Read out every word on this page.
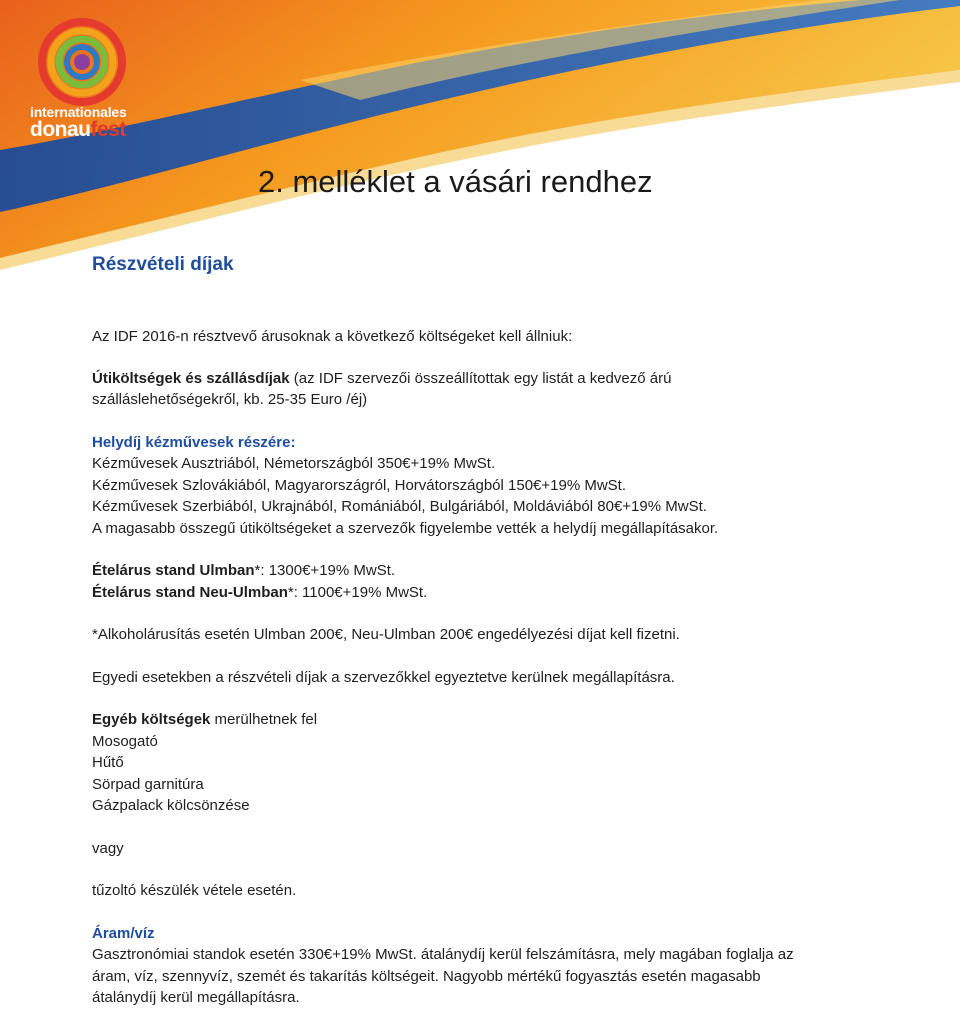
internationales
donaufest
2. melléklet a vásári rendhez
Részvételi díjak

Az IDF 2016-n résztvevő árusoknak a következő költségeket kell állniuk:

Útiköltségek és szállásdíjak (az IDF szervezői összeállítottak egy listát a kedvező árú

szálláslehetőségekről, kb. 25-35 Euro /éj)

Helydíj kézművesek részére:

Kézművesek Ausztriából, Németországból 350€+19% MwSt.

Kézművesek Szlovákiából, Magyarországról, Horvátországból 150€+19% MwSt.

Kézművesek Szerbiából, Ukrajnából, Romániából, Bulgáriából, Moldáviából 80€+19% MwSt.

A magasabb összegű útiköltségeket a szervezők figyelembe vették a helydíj megállapításakor.

Ételárus stand Ulmban*: 1300€+19% MwSt.

Ételárus stand Neu-Ulmban*: 1100€+19% MwSt.

*Alkoholárusítás esetén Ulmban 200€, Neu-Ulmban 200€ engedélyezési díjat kell fizetni.

Egyedi esetekben a részvételi díjak a szervezőkkel egyeztetve kerülnek megállapításra.

Egyéb költségek merülhetnek fel

Mosogató

Hűtő

Sörpad garnitúra

Gázpalack kölcsönzése

vagy

tűzoltó készülék vétele esetén.

Áram/víz

Gasztronómiai standok esetén 330€+19% MwSt. átalánydíj kerül felszámításra, mely magában foglalja az

áram, víz, szennyvíz, szemét és takarítás költségeit. Nagyobb mértékű fogyasztás esetén magasabb

átalánydíj kerül megállapításra.
